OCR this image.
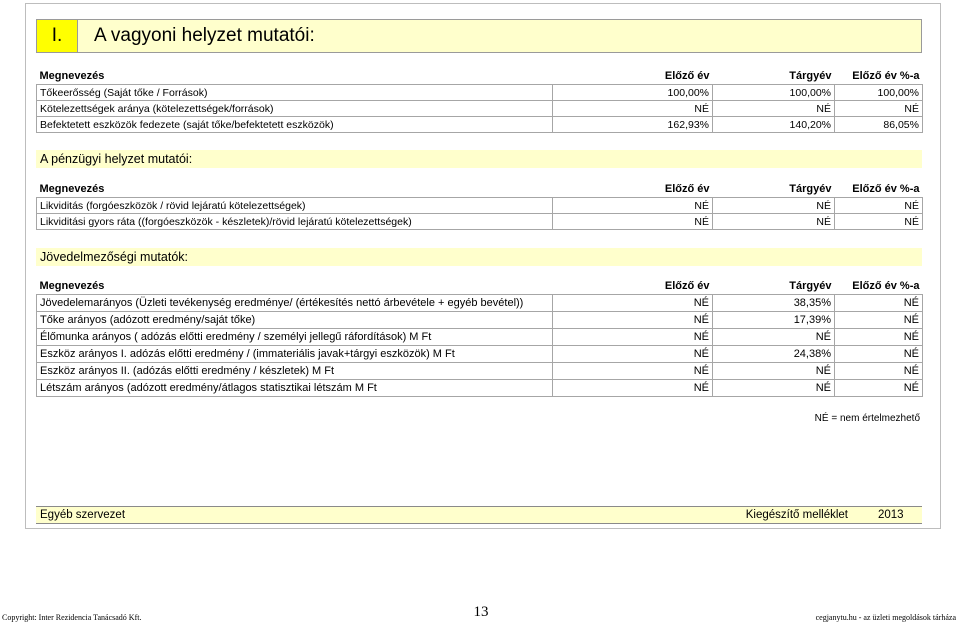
I.	A vagyoni helyzet mutatói:
Megnevezés	Előző év	Tárgyév	Előző év %-a
Tőkeerősség (Saját tőke / Források)	100,00%	100,00%	100,00%
Kötelezettségek aránya (kötelezettségek/források)	NÉ	NÉ	NÉ
Befektetett eszközök fedezete (saját tőke/befektetett eszközök)	162,93%	140,20%	86,05%
A pénzügyi helyzet mutatói:
Megnevezés	Előző év	Tárgyév	Előző év %-a
Likviditás (forgóeszközök / rövid lejáratú kötelezettségek)	NÉ	NÉ	NÉ
Likviditási gyors ráta ((forgóeszközök - készletek)/rövid lejáratú kötelezettségek)	NÉ	NÉ	NÉ
Jövedelmezőségi mutatók:
Megnevezés	Előző év	Tárgyév	Előző év %-a
Jövedelemarányos (Üzleti tevékenység eredménye/ (értékesítés nettó árbevétele + egyéb bevétel))	NÉ	38,35%	NÉ
Tőke arányos (adózott eredmény/saját tőke)	NÉ	17,39%	NÉ
Élőmunka arányos ( adózás előtti eredmény / személyi jellegű ráfordítások) M Ft	NÉ	NÉ	NÉ
Eszköz arányos I. adózás előtti eredmény / (immateriális javak+tárgyi eszközök) M Ft	NÉ	24,38%	NÉ
Eszköz arányos II. (adózás előtti eredmény / készletek) M Ft	NÉ	NÉ	NÉ
Létszám arányos (adózott eredmény/átlagos statisztikai létszám M Ft	NÉ	NÉ	NÉ
NÉ = nem értelmezhető
Egyéb szervezet	Kiegészítő melléklet	2013
Copyright: Inter Rezidencia Tanácsadó Kft.	13	cegjanytu.hu - az üzleti megoldások tárháza
